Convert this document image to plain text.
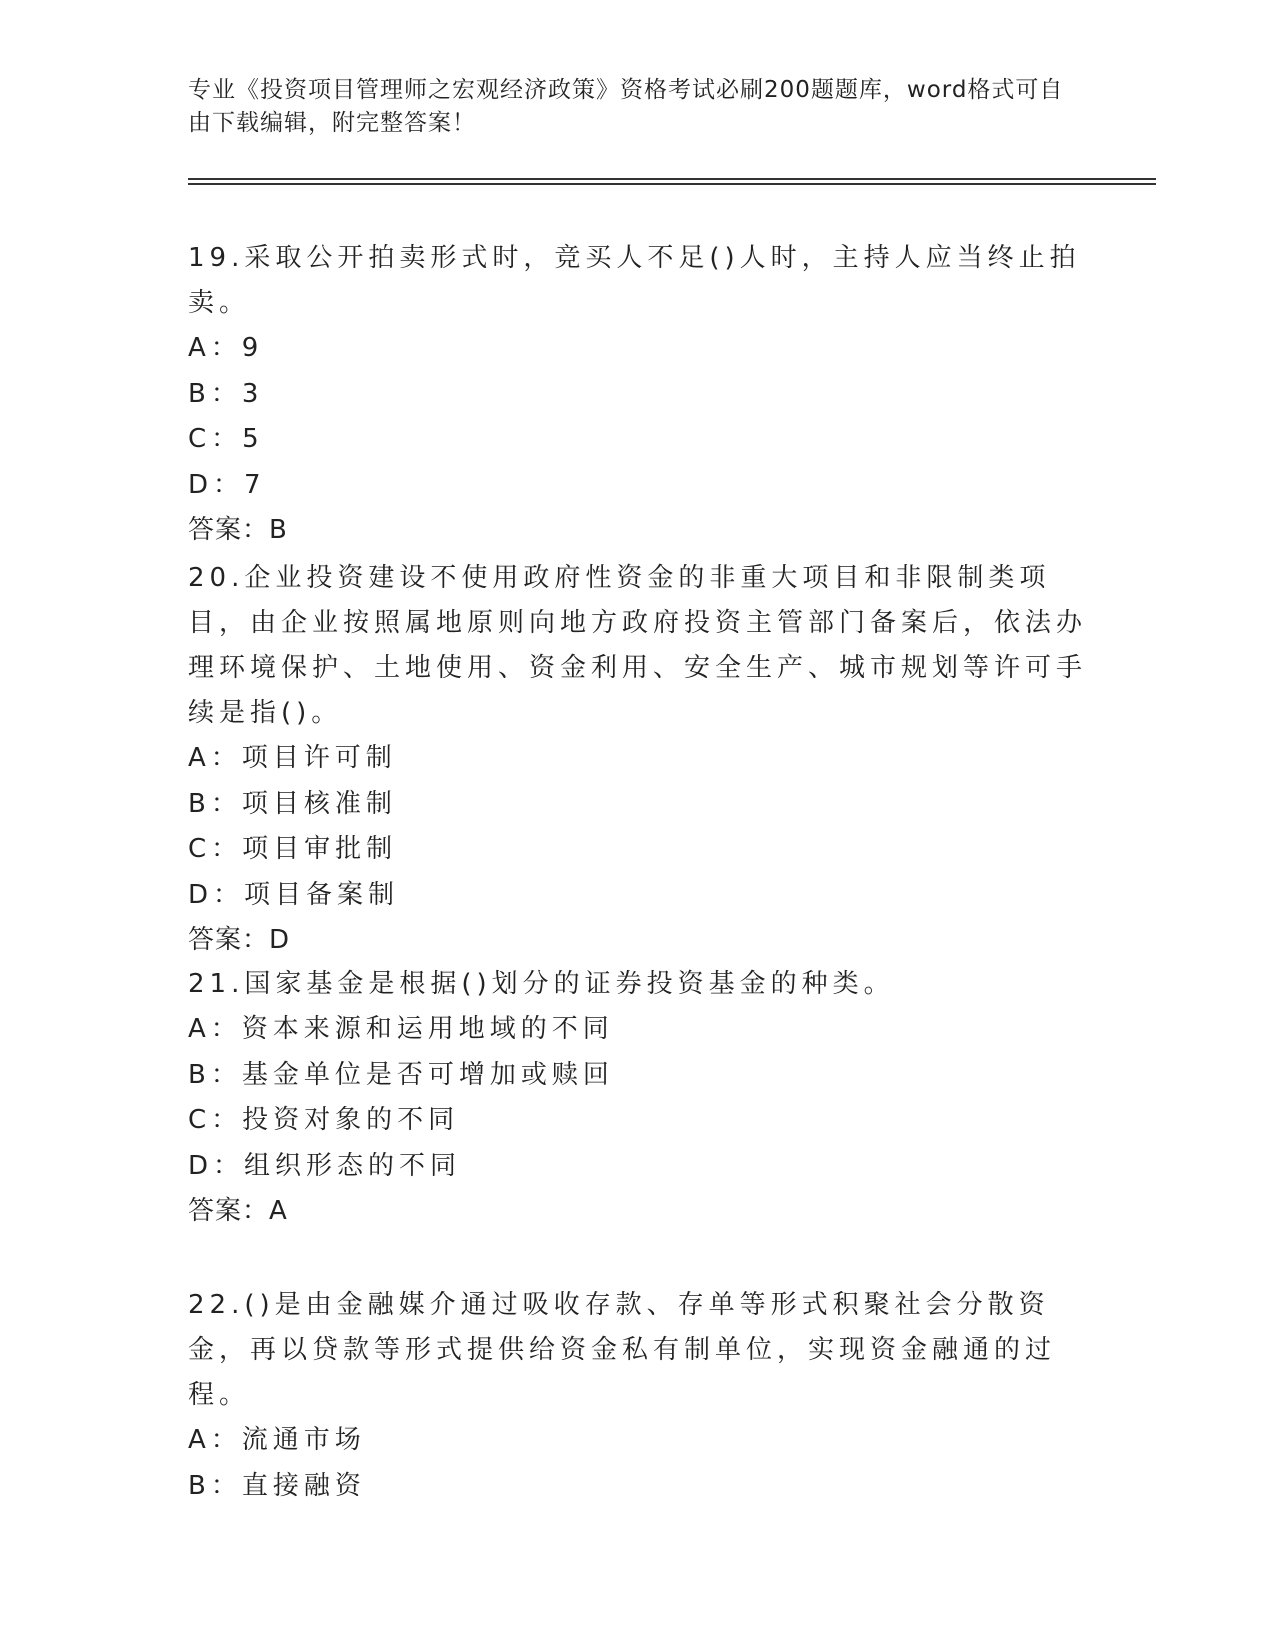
专业《投资项目管理师之宏观经济政策》资格考试必刷200题题库，word格式可自由下载编辑，附完整答案！

19.采取公开拍卖形式时，竞买人不足()人时，主持人应当终止拍卖。

A：9

B：3

C：5

D：7

答案：B

20.企业投资建设不使用政府性资金的非重大项目和非限制类项目，由企业按照属地原则向地方政府投资主管部门备案后，依法办理环境保护、土地使用、资金利用、安全生产、城市规划等许可手续是指()。

A：项目许可制

B：项目核准制

C：项目审批制

D：项目备案制

答案：D

21.国家基金是根据()划分的证券投资基金的种类。

A：资本来源和运用地域的不同

B：基金单位是否可增加或赎回

C：投资对象的不同

D：组织形态的不同

答案：A

22.()是由金融媒介通过吸收存款、存单等形式积聚社会分散资金，再以贷款等形式提供给资金私有制单位，实现资金融通的过程。

A：流通市场

B：直接融资
